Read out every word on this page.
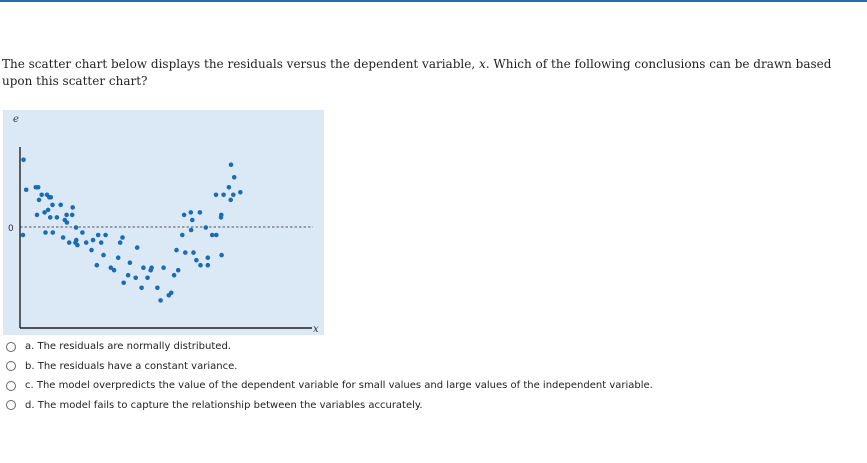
The scatter chart below displays the residuals versus the dependent variable, x. Which of the following conclusions can be drawn based upon this scatter chart?
e
x
0
a. The residuals are normally distributed.
b. The residuals have a constant variance.
c. The model overpredicts the value of the dependent variable for small values and large values of the independent variable.
d. The model fails to capture the relationship between the variables accurately.
